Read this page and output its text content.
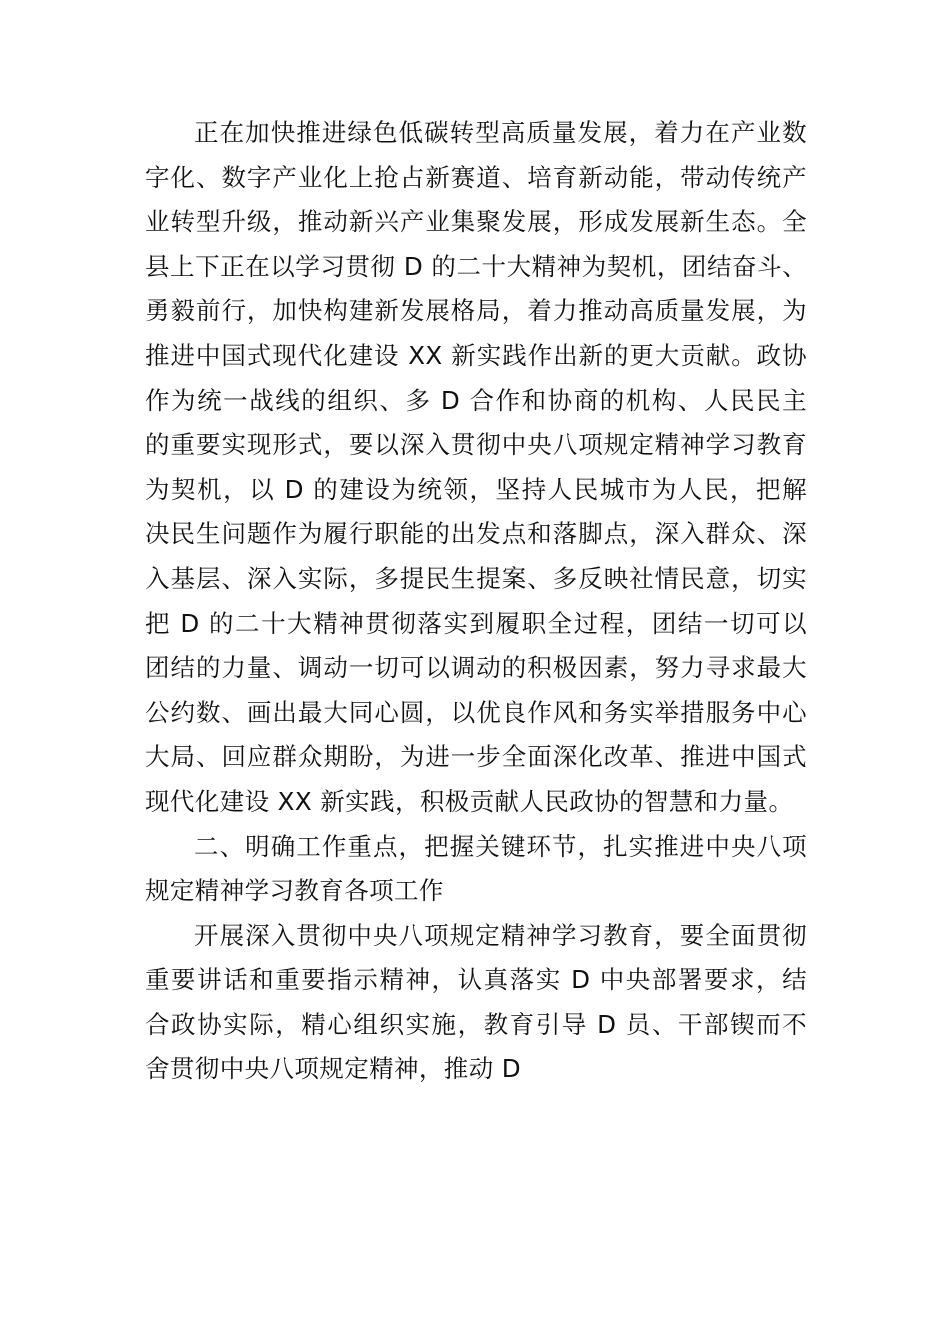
正在加快推进绿色低碳转型高质量发展，着力在产业数
字化、数字产业化上抢占新赛道、培育新动能，带动传统产
业转型升级，推动新兴产业集聚发展，形成发展新生态。全
县上下正在以学习贯彻 D 的二十大精神为契机，团结奋斗、
勇毅前行，加快构建新发展格局，着力推动高质量发展，为
推进中国式现代化建设 XX 新实践作出新的更大贡献。政协
作为统一战线的组织、多 D 合作和协商的机构、人民民主
的重要实现形式，要以深入贯彻中央八项规定精神学习教育
为契机，以 D 的建设为统领，坚持人民城市为人民，把解
决民生问题作为履行职能的出发点和落脚点，深入群众、深
入基层、深入实际，多提民生提案、多反映社情民意，切实
把 D 的二十大精神贯彻落实到履职全过程，团结一切可以
团结的力量、调动一切可以调动的积极因素，努力寻求最大
公约数、画出最大同心圆，以优良作风和务实举措服务中心
大局、回应群众期盼，为进一步全面深化改革、推进中国式
现代化建设 XX 新实践，积极贡献人民政协的智慧和力量。
二、明确工作重点，把握关键环节，扎实推进中央八项
规定精神学习教育各项工作
开展深入贯彻中央八项规定精神学习教育，要全面贯彻
重要讲话和重要指示精神，认真落实 D 中央部署要求，结
合政协实际，精心组织实施，教育引导 D 员、干部锲而不
舍贯彻中央八项规定精神，推动 D
